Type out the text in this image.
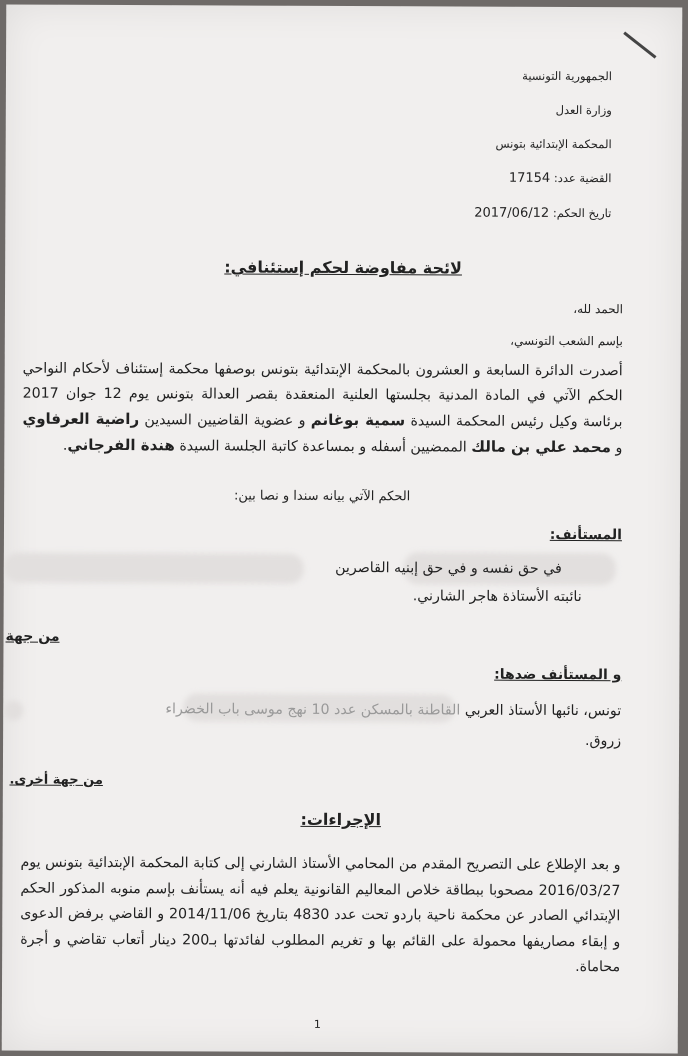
الجمهورية التونسية
وزارة العدل
المحكمة الإبتدائية بتونس
القضية عدد: 17154
تاريخ الحكم: 2017/06/12
لائحة مفاوضة لحكم إستئنافي:
الحمد لله،
بإسم الشعب التونسي،
أصدرت الدائرة السابعة و العشرون بالمحكمة الإبتدائية بتونس بوصفها محكمة إستئناف لأحكام النواحي الحكم الآتي في المادة المدنية بجلستها العلنية المنعقدة بقصر العدالة بتونس يوم 12 جوان 2017 برئاسة وكيل رئيس المحكمة السيدة سمية بوغانم و عضوية القاضيين السيدين راضية العرفاوي و محمد علي بن مالك الممضيين أسفله و بمساعدة كاتبة الجلسة السيدة هندة الفرجاني.
الحكم الآتي بيانه سندا و نصا بين:
المستأنف:
في حق نفسه و في حق إبنيه القاصرين
نائبته الأستاذة هاجر الشارني.
من جهة
و المستأنف ضدها:
تونس، نائبها الأستاذ العربي القاطنة بالمسكن عدد 10 نهج موسى باب الخضراء
زروق.
من جهة أخرى.
الإجراءات:
و بعد الإطلاع على التصريح المقدم من المحامي الأستاذ الشارني إلى كتابة المحكمة الإبتدائية بتونس يوم 2016/03/27 مصحوبا ببطاقة خلاص المعاليم القانونية يعلم فيه أنه يستأنف بإسم منوبه المذكور الحكم الإبتدائي الصادر عن محكمة ناحية باردو تحت عدد 4830 بتاريخ 2014/11/06 و القاضي برفض الدعوى و إبقاء مصاريفها محمولة على القائم بها و تغريم المطلوب لفائدتها بـ200 دينار أتعاب تقاضي و أجرة محاماة.
1
